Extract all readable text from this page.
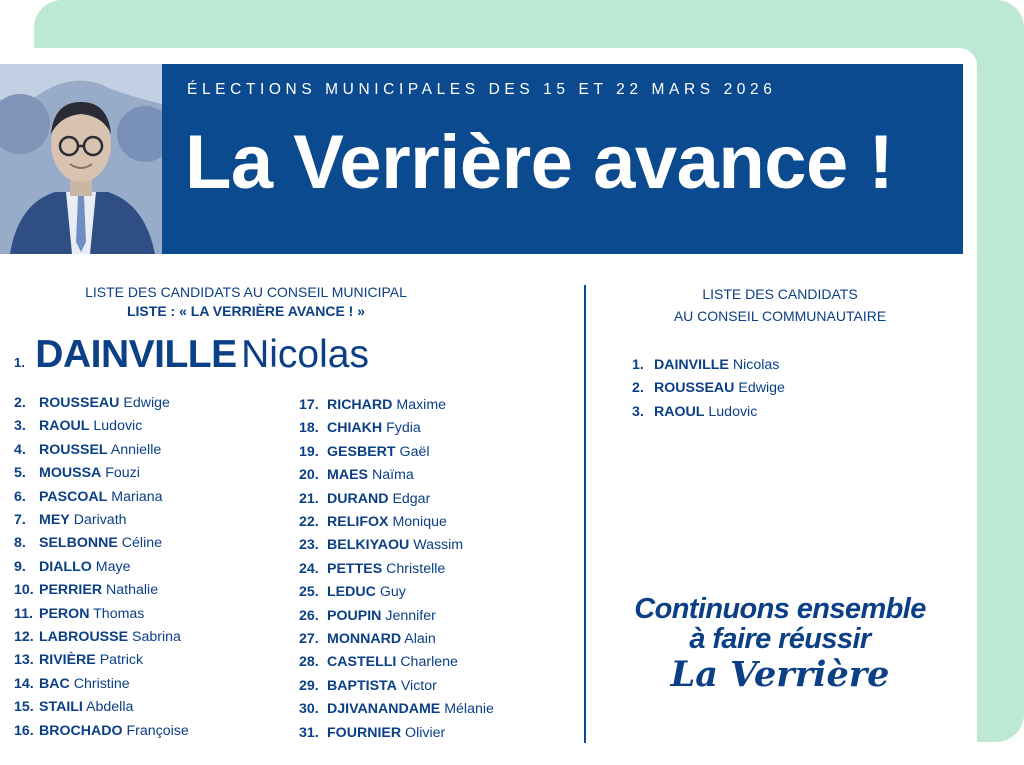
ÉLECTIONS MUNICIPALES DES 15 ET 22 MARS 2026
La Verrière avance !
LISTE DES CANDIDATS AU CONSEIL MUNICIPAL
LISTE : « LA VERRIÈRE AVANCE ! »
LISTE DES CANDIDATS
AU CONSEIL COMMUNAUTAIRE
1. DAINVILLE Nicolas
2. ROUSSEAU Edwige
3. RAOUL Ludovic
4. ROUSSEL Annielle
5. MOUSSA Fouzi
6. PASCOAL Mariana
7. MEY Darivath
8. SELBONNE Céline
9. DIALLO Maye
10. PERRIER Nathalie
11. PERON Thomas
12. LABROUSSE Sabrina
13. RIVIÈRE Patrick
14. BAC Christine
15. STAILI Abdella
16. BROCHADO Françoise
17. RICHARD Maxime
18. CHIAKH Fydia
19. GESBERT Gaël
20. MAES Naïma
21. DURAND Edgar
22. RELIFOX Monique
23. BELKIYAOU Wassim
24. PETTES Christelle
25. LEDUC Guy
26. POUPIN Jennifer
27. MONNARD Alain
28. CASTELLI Charlene
29. BAPTISTA Victor
30. DJIVANANDAME Mélanie
31. FOURNIER Olivier
1. DAINVILLE Nicolas
2. ROUSSEAU Edwige
3. RAOUL Ludovic
Continuons ensemble
à faire réussir
La Verrière
